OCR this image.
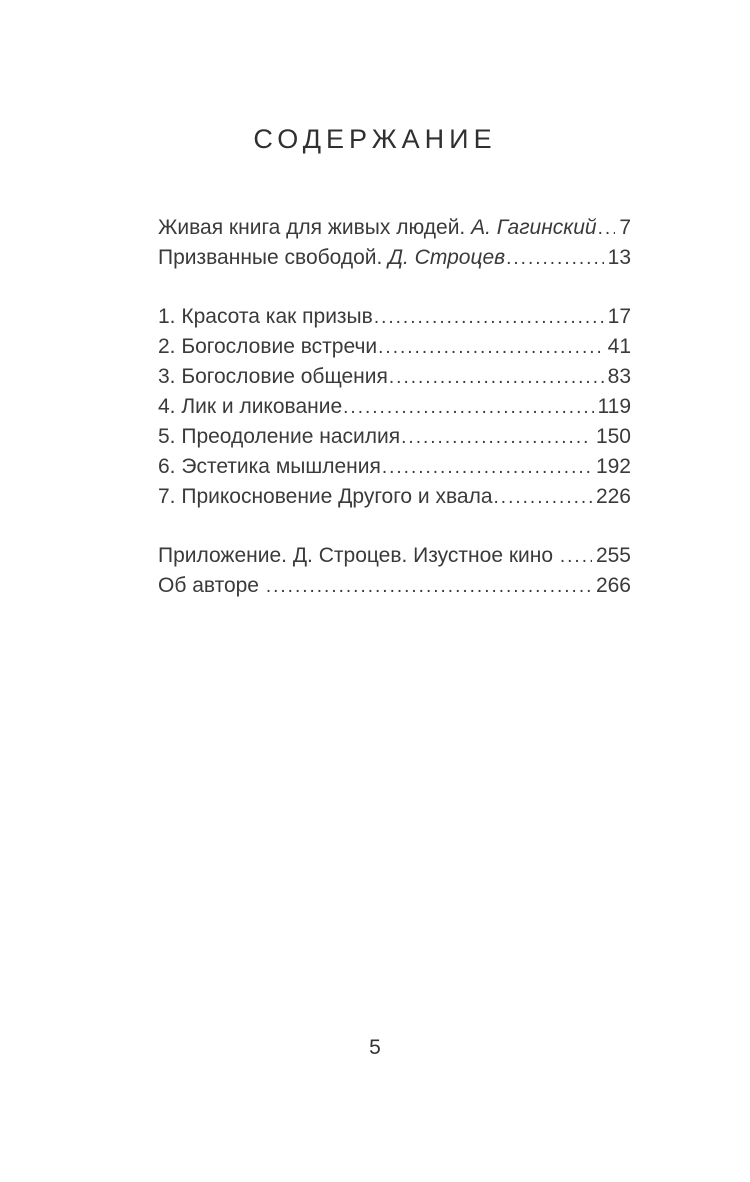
СОДЕРЖАНИЕ
Живая книга для живых людей. А. Гагинский ..... 7
Призванные свободой. Д. Строцев .....	13
1. Красота как призыв .....	17
2. Богословие встречи .....	41
3. Богословие общения .....	83
4. Лик и ликование .....	119
5. Преодоление насилия .....	150
6. Эстетика мышления .....	192
7. Прикосновение Другого и хвала .....	226
Приложение. Д. Строцев. Изустное кино ..... 255
Об авторе .....	266
5
